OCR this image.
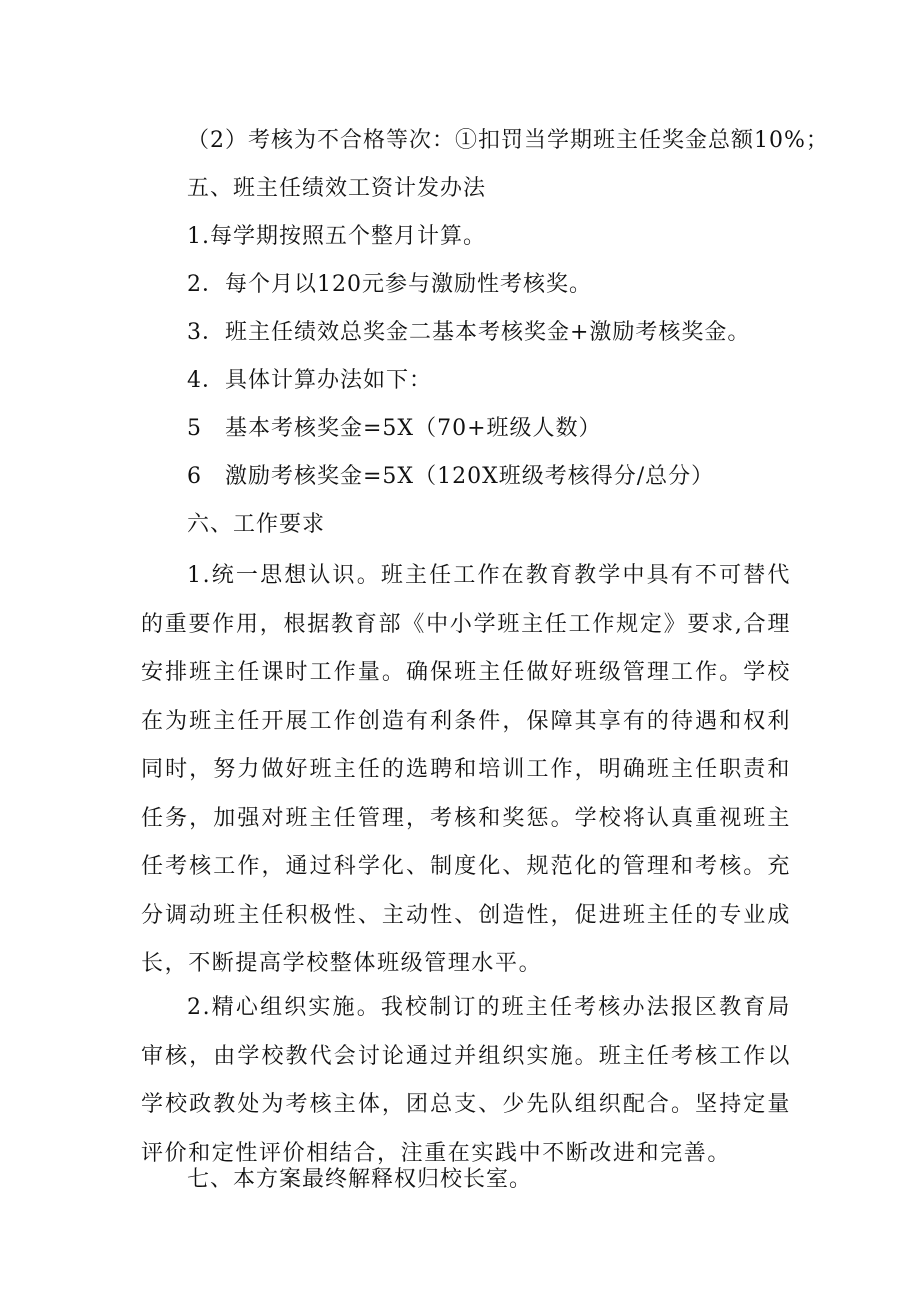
（2）考核为不合格等次：①扣罚当学期班主任奖金总额10%；
五、班主任绩效工资计发办法
1.每学期按照五个整月计算。
2．每个月以120元参与激励性考核奖。
3．班主任绩效总奖金二基本考核奖金+激励考核奖金。
4．具体计算办法如下：
5 基本考核奖金=5X（70+班级人数）
6 激励考核奖金=5X（120X班级考核得分/总分）
六、工作要求

1.统一思想认识。班主任工作在教育教学中具有不可替代的重要作用，根据教育部《中小学班主任工作规定》要求,合理安排班主任课时工作量。确保班主任做好班级管理工作。学校在为班主任开展工作创造有利条件，保障其享有的待遇和权利同时，努力做好班主任的选聘和培训工作，明确班主任职责和任务，加强对班主任管理，考核和奖惩。学校将认真重视班主任考核工作，通过科学化、制度化、规范化的管理和考核。充分调动班主任积极性、主动性、创造性，促进班主任的专业成长，不断提高学校整体班级管理水平。

2.精心组织实施。我校制订的班主任考核办法报区教育局审核，由学校教代会讨论通过并组织实施。班主任考核工作以学校政教处为考核主体，团总支、少先队组织配合。坚持定量评价和定性评价相结合，注重在实践中不断改进和完善。

七、本方案最终解释权归校长室。
